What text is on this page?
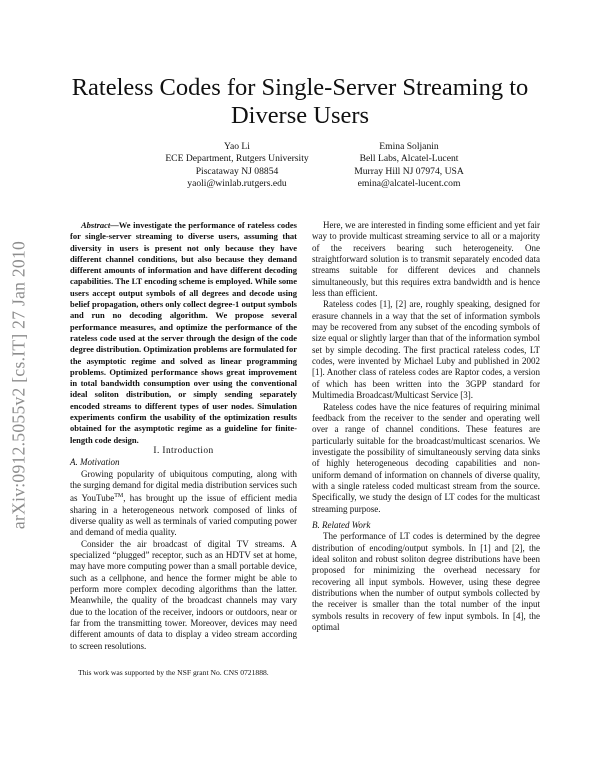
arXiv:0912.5055v2 [cs.IT] 27 Jan 2010
Rateless Codes for Single-Server Streaming to Diverse Users
Yao Li
ECE Department, Rutgers University
Piscataway NJ 08854
yaoli@winlab.rutgers.edu
Emina Soljanin
Bell Labs, Alcatel-Lucent
Murray Hill NJ 07974, USA
emina@alcatel-lucent.com

Abstract—We investigate the performance of rateless codes for single-server streaming to diverse users, assuming that diversity in users is present not only because they have different channel conditions, but also because they demand different amounts of information and have different decoding capabilities. The LT encoding scheme is employed. While some users accept output symbols of all degrees and decode using belief propagation, others only collect degree-1 output symbols and run no decoding algorithm. We propose several performance measures, and optimize the performance of the rateless code used at the server through the design of the code degree distribution. Optimization problems are formulated for the asymptotic regime and solved as linear programming problems. Optimized performance shows great improvement in total bandwidth consumption over using the conventional ideal soliton distribution, or simply sending separately encoded streams to different types of user nodes. Simulation experiments confirm the usability of the optimization results obtained for the asymptotic regime as a guideline for finite-length code design.

I. Introduction

A. Motivation

Growing popularity of ubiquitous computing, along with the surging demand for digital media distribution services such as YouTube™, has brought up the issue of efficient media sharing in a heterogeneous network composed of links of diverse quality as well as terminals of varied computing power and demand of media quality.

Consider the air broadcast of digital TV streams. A specialized “plugged” receptor, such as an HDTV set at home, may have more computing power than a small portable device, such as a cellphone, and hence the former might be able to perform more complex decoding algorithms than the latter. Meanwhile, the quality of the broadcast channels may vary due to the location of the receiver, indoors or outdoors, near or far from the transmitting tower. Moreover, devices may need different amounts of data to display a video stream according to screen resolutions.

This work was supported by the NSF grant No. CNS 0721888.

Here, we are interested in finding some efficient and yet fair way to provide multicast streaming service to all or a majority of the receivers bearing such heterogeneity. One straightforward solution is to transmit separately encoded data streams suitable for different devices and channels simultaneously, but this requires extra bandwidth and is hence less than efficient.

Rateless codes [1], [2] are, roughly speaking, designed for erasure channels in a way that the set of information symbols may be recovered from any subset of the encoding symbols of size equal or slightly larger than that of the information symbol set by simple decoding. The first practical rateless codes, LT codes, were invented by Michael Luby and published in 2002 [1]. Another class of rateless codes are Raptor codes, a version of which has been written into the 3GPP standard for Multimedia Broadcast/Multicast Service [3].

Rateless codes have the nice features of requiring minimal feedback from the receiver to the sender and operating well over a range of channel conditions. These features are particularly suitable for the broadcast/multicast scenarios. We investigate the possibility of simultaneously serving data sinks of highly heterogeneous decoding capabilities and non-uniform demand of information on channels of diverse quality, with a single rateless coded multicast stream from the source. Specifically, we study the design of LT codes for the multicast streaming purpose.

B. Related Work

The performance of LT codes is determined by the degree distribution of encoding/output symbols. In [1] and [2], the ideal soliton and robust soliton degree distributions have been proposed for minimizing the overhead necessary for recovering all input symbols. However, using these degree distributions when the number of output symbols collected by the receiver is smaller than the total number of the input symbols results in recovery of few input symbols. In [4], the optimal
